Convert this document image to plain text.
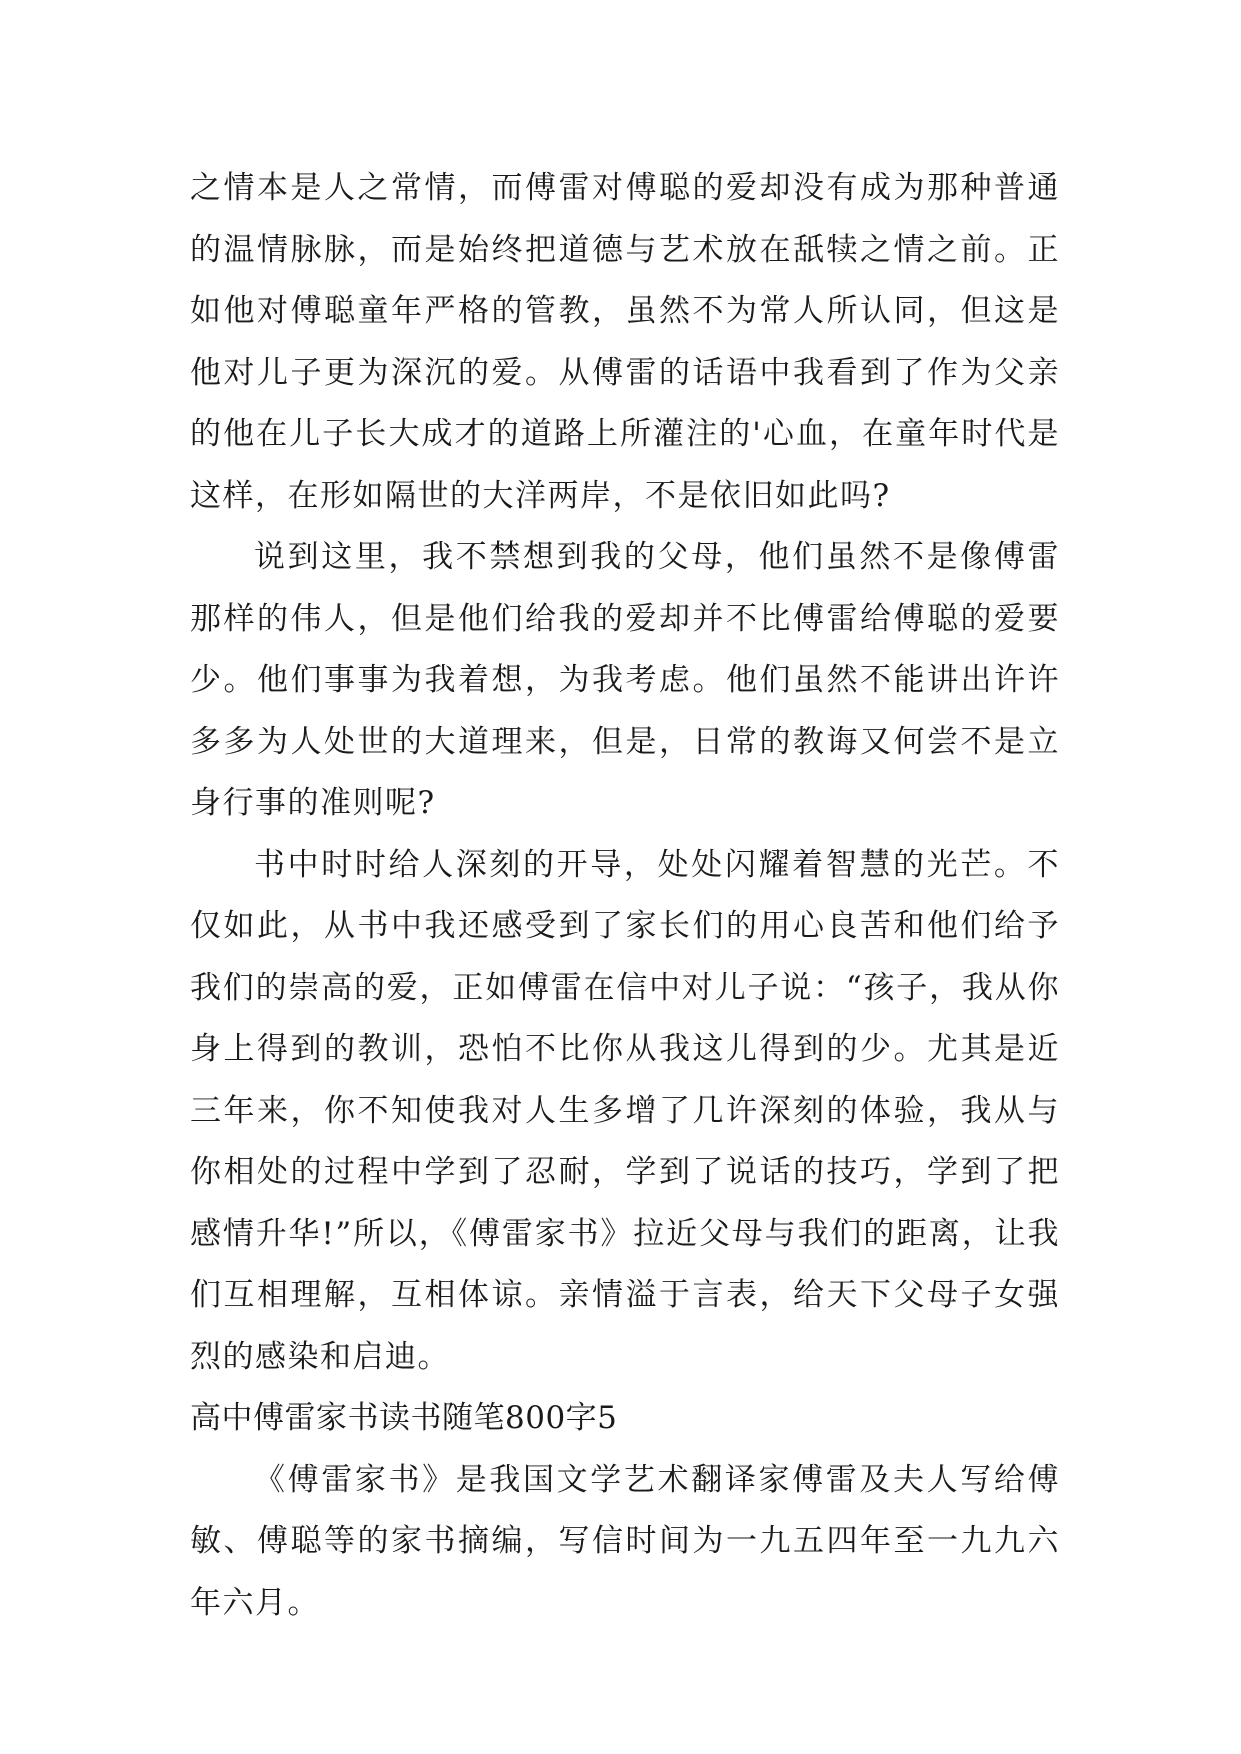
之情本是人之常情，而傅雷对傅聪的爱却没有成为那种普通的温情脉脉，而是始终把道德与艺术放在舐犊之情之前。正如他对傅聪童年严格的管教，虽然不为常人所认同，但这是他对儿子更为深沉的爱。从傅雷的话语中我看到了作为父亲的他在儿子长大成才的道路上所灌注的'心血，在童年时代是这样，在形如隔世的大洋两岸，不是依旧如此吗?

说到这里，我不禁想到我的父母，他们虽然不是像傅雷那样的伟人，但是他们给我的爱却并不比傅雷给傅聪的爱要少。他们事事为我着想，为我考虑。他们虽然不能讲出许许多多为人处世的大道理来，但是，日常的教诲又何尝不是立身行事的准则呢?

书中时时给人深刻的开导，处处闪耀着智慧的光芒。不仅如此，从书中我还感受到了家长们的用心良苦和他们给予我们的崇高的爱，正如傅雷在信中对儿子说：“孩子，我从你身上得到的教训，恐怕不比你从我这儿得到的少。尤其是近三年来，你不知使我对人生多增了几许深刻的体验，我从与你相处的过程中学到了忍耐，学到了说话的技巧，学到了把感情升华!”所以，《傅雷家书》拉近父母与我们的距离，让我们互相理解，互相体谅。亲情溢于言表，给天下父母子女强烈的感染和启迪。

高中傅雷家书读书随笔800字5

《傅雷家书》是我国文学艺术翻译家傅雷及夫人写给傅敏、傅聪等的家书摘编，写信时间为一九五四年至一九九六年六月。
